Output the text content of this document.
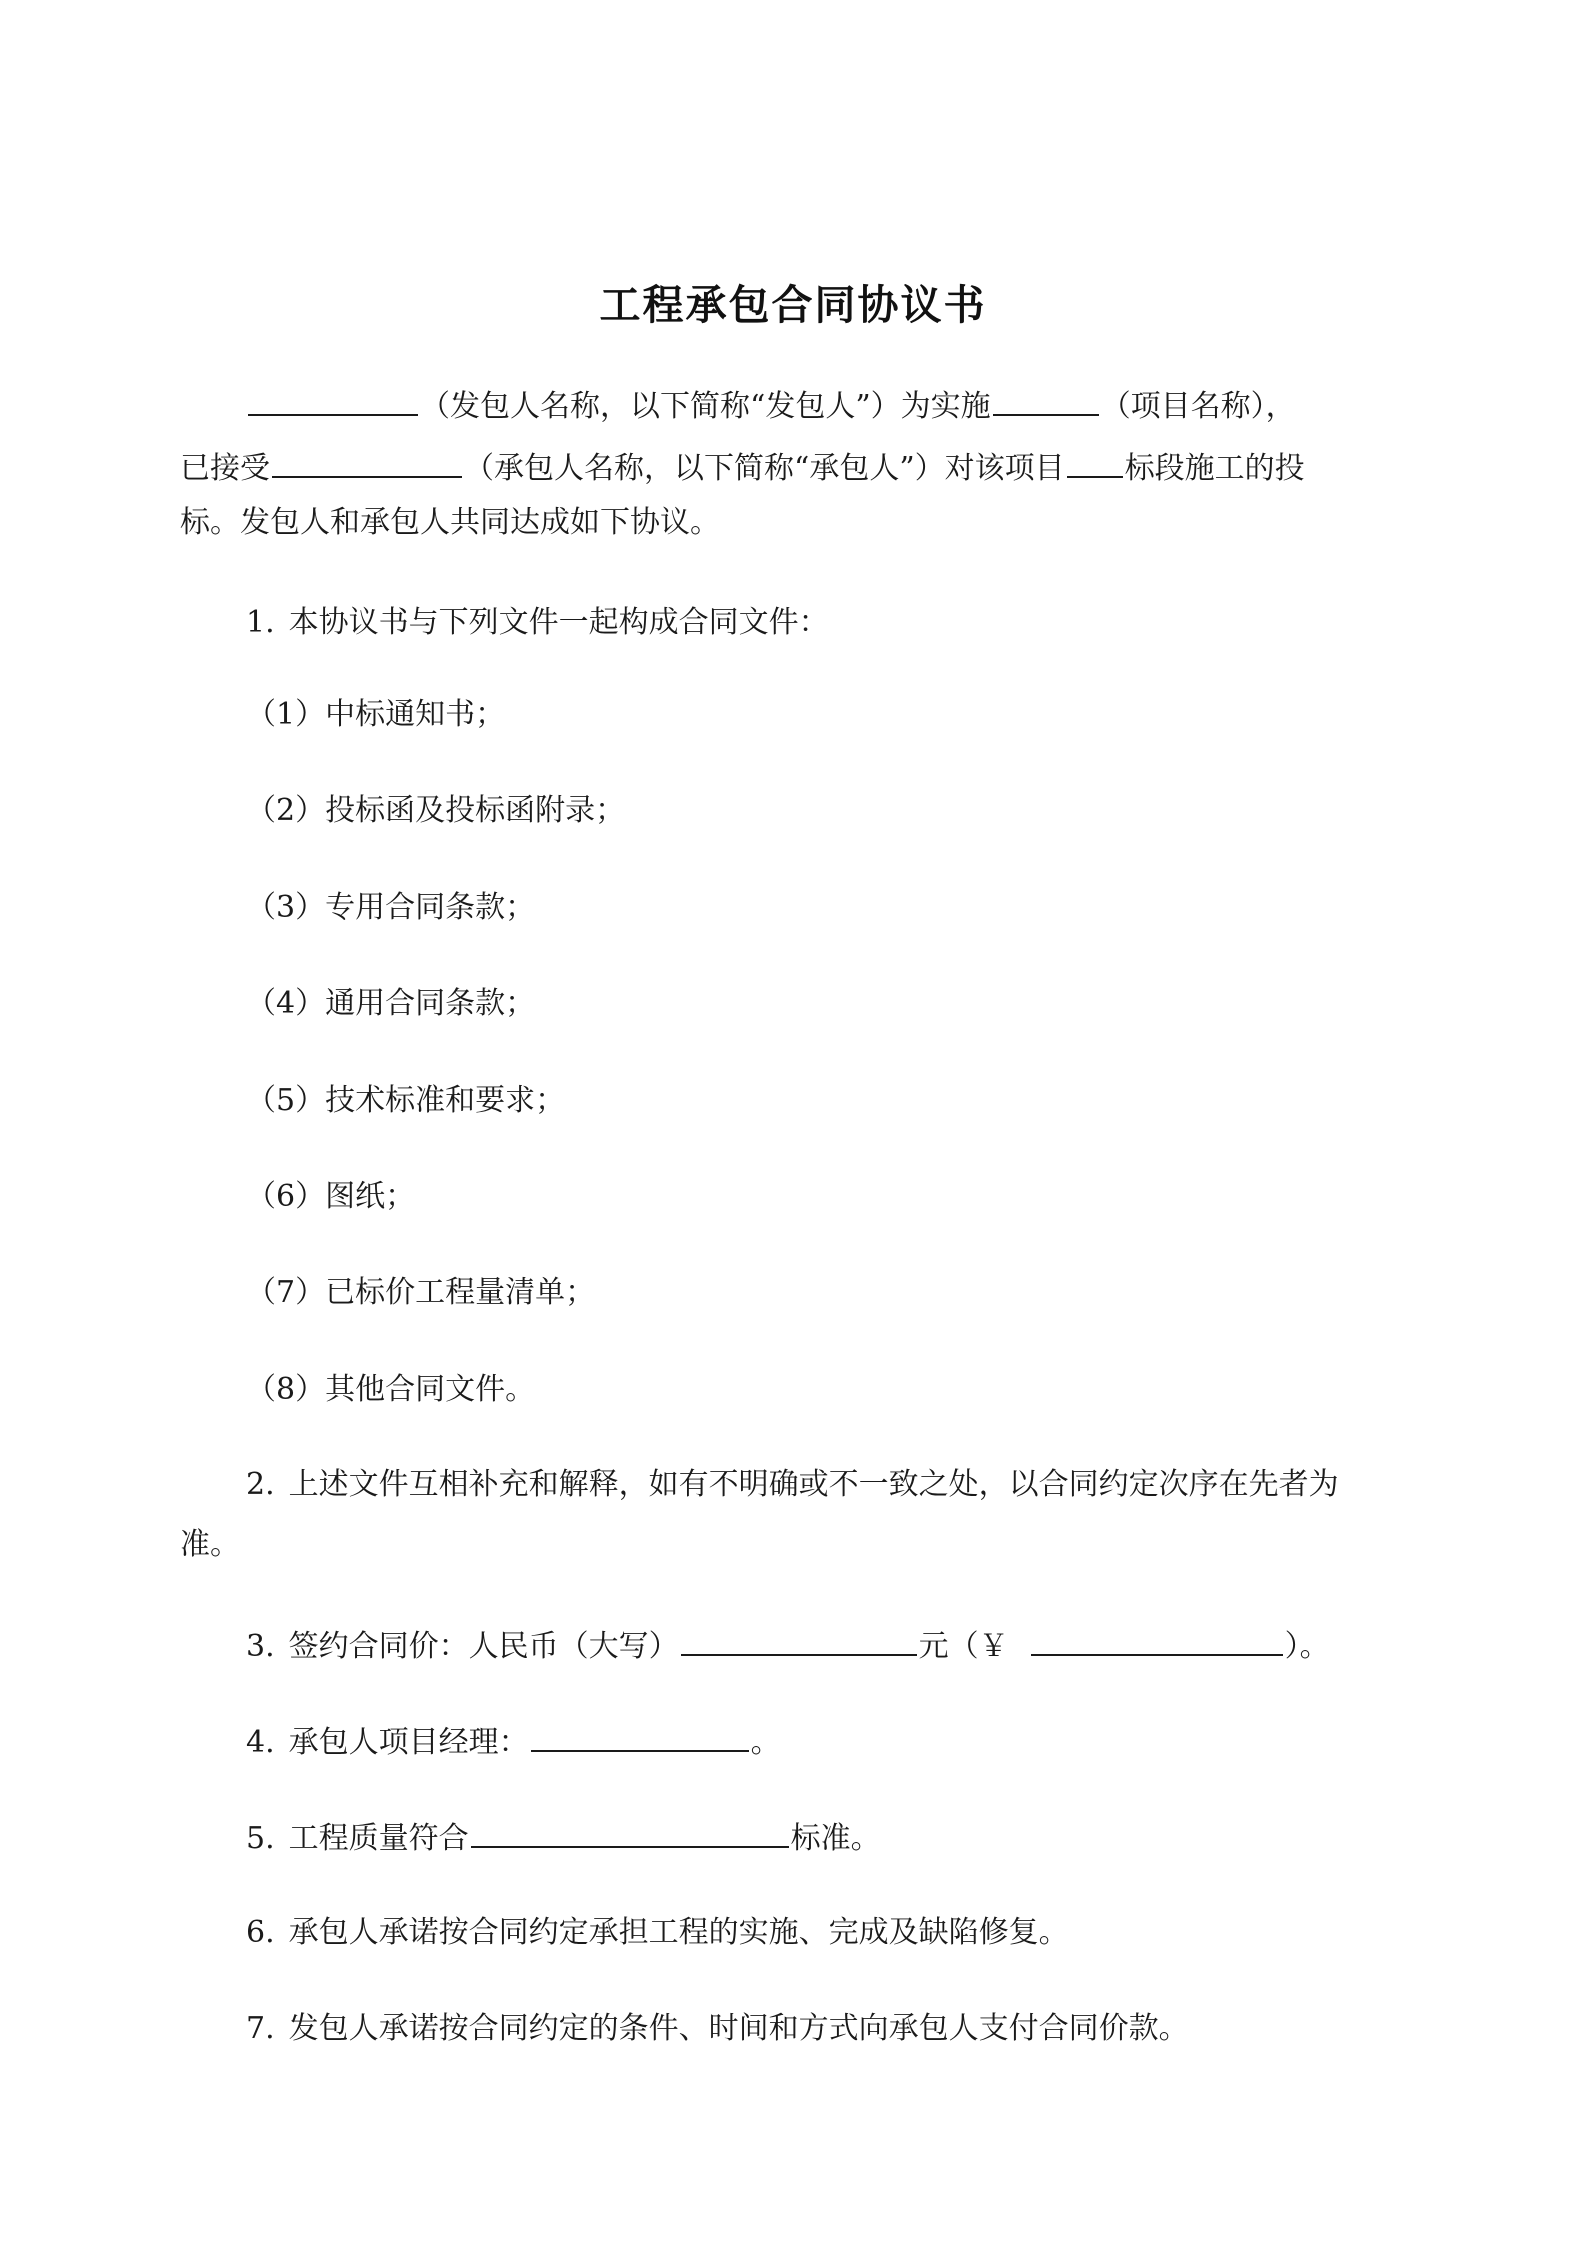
工程承包合同协议书
（发包人名称，以下简称“发包人”）为实施	（项目名称），
已接受	（承包人名称，以下简称“承包人”）对该项目 标段施工的投
标。发包人和承包人共同达成如下协议。
1. 本协议书与下列文件一起构成合同文件：
（1）中标通知书；
（2）投标函及投标函附录；
（3）专用合同条款；
（4）通用合同条款；
（5）技术标准和要求；
（6）图纸；
（7）已标价工程量清单；
（8）其他合同文件。
2. 上述文件互相补充和解释，如有不明确或不一致之处，以合同约定次序在先者为
准。
3. 签约合同价：人民币（大写）	元（￥	）。
4. 承包人项目经理：	。
5. 工程质量符合	标准。
6. 承包人承诺按合同约定承担工程的实施、完成及缺陷修复。
7. 发包人承诺按合同约定的条件、时间和方式向承包人支付合同价款。
